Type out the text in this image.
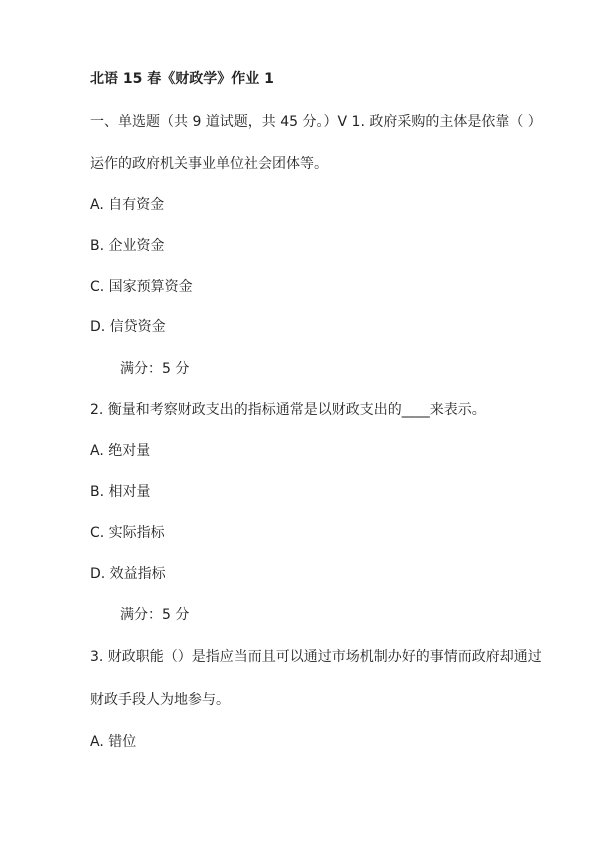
北语 15 春《财政学》作业 1
一、单选题（共 9 道试题，共 45 分。）V 1. 政府采购的主体是依靠（ ）
运作的政府机关事业单位社会团体等。
A. 自有资金
B. 企业资金
C. 国家预算资金
D. 信贷资金
满分：5 分
2. 衡量和考察财政支出的指标通常是以财政支出的____来表示。
A. 绝对量
B. 相对量
C. 实际指标
D. 效益指标
满分：5 分
3. 财政职能（）是指应当而且可以通过市场机制办好的事情而政府却通过
财政手段人为地参与。
A. 错位
